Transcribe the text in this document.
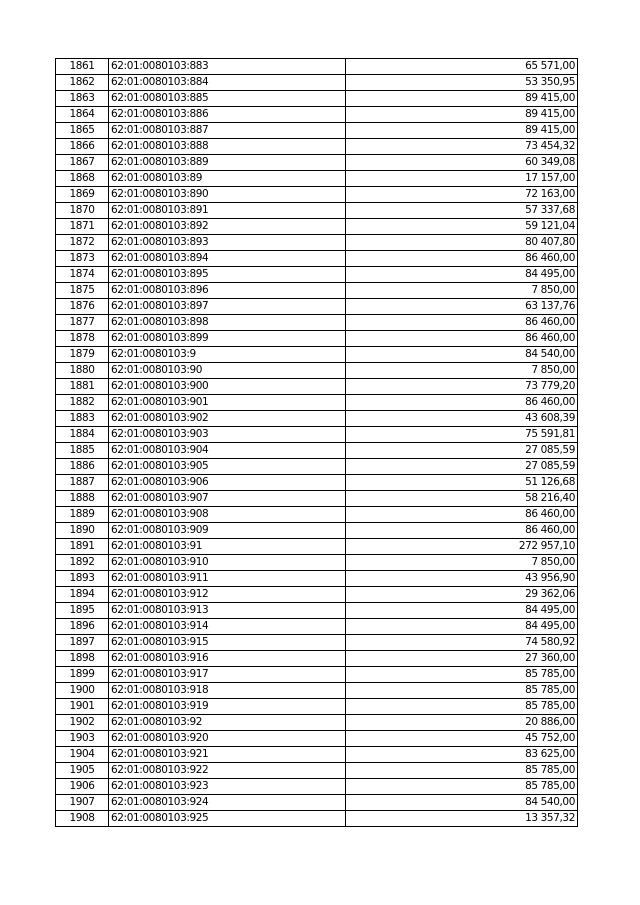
1861	62:01:0080103:883	65 571,00
1862	62:01:0080103:884	53 350,95
1863	62:01:0080103:885	89 415,00
1864	62:01:0080103:886	89 415,00
1865	62:01:0080103:887	89 415,00
1866	62:01:0080103:888	73 454,32
1867	62:01:0080103:889	60 349,08
1868	62:01:0080103:89	17 157,00
1869	62:01:0080103:890	72 163,00
1870	62:01:0080103:891	57 337,68
1871	62:01:0080103:892	59 121,04
1872	62:01:0080103:893	80 407,80
1873	62:01:0080103:894	86 460,00
1874	62:01:0080103:895	84 495,00
1875	62:01:0080103:896	7 850,00
1876	62:01:0080103:897	63 137,76
1877	62:01:0080103:898	86 460,00
1878	62:01:0080103:899	86 460,00
1879	62:01:0080103:9	84 540,00
1880	62:01:0080103:90	7 850,00
1881	62:01:0080103:900	73 779,20
1882	62:01:0080103:901	86 460,00
1883	62:01:0080103:902	43 608,39
1884	62:01:0080103:903	75 591,81
1885	62:01:0080103:904	27 085,59
1886	62:01:0080103:905	27 085,59
1887	62:01:0080103:906	51 126,68
1888	62:01:0080103:907	58 216,40
1889	62:01:0080103:908	86 460,00
1890	62:01:0080103:909	86 460,00
1891	62:01:0080103:91	272 957,10
1892	62:01:0080103:910	7 850,00
1893	62:01:0080103:911	43 956,90
1894	62:01:0080103:912	29 362,06
1895	62:01:0080103:913	84 495,00
1896	62:01:0080103:914	84 495,00
1897	62:01:0080103:915	74 580,92
1898	62:01:0080103:916	27 360,00
1899	62:01:0080103:917	85 785,00
1900	62:01:0080103:918	85 785,00
1901	62:01:0080103:919	85 785,00
1902	62:01:0080103:92	20 886,00
1903	62:01:0080103:920	45 752,00
1904	62:01:0080103:921	83 625,00
1905	62:01:0080103:922	85 785,00
1906	62:01:0080103:923	85 785,00
1907	62:01:0080103:924	84 540,00
1908	62:01:0080103:925	13 357,32
